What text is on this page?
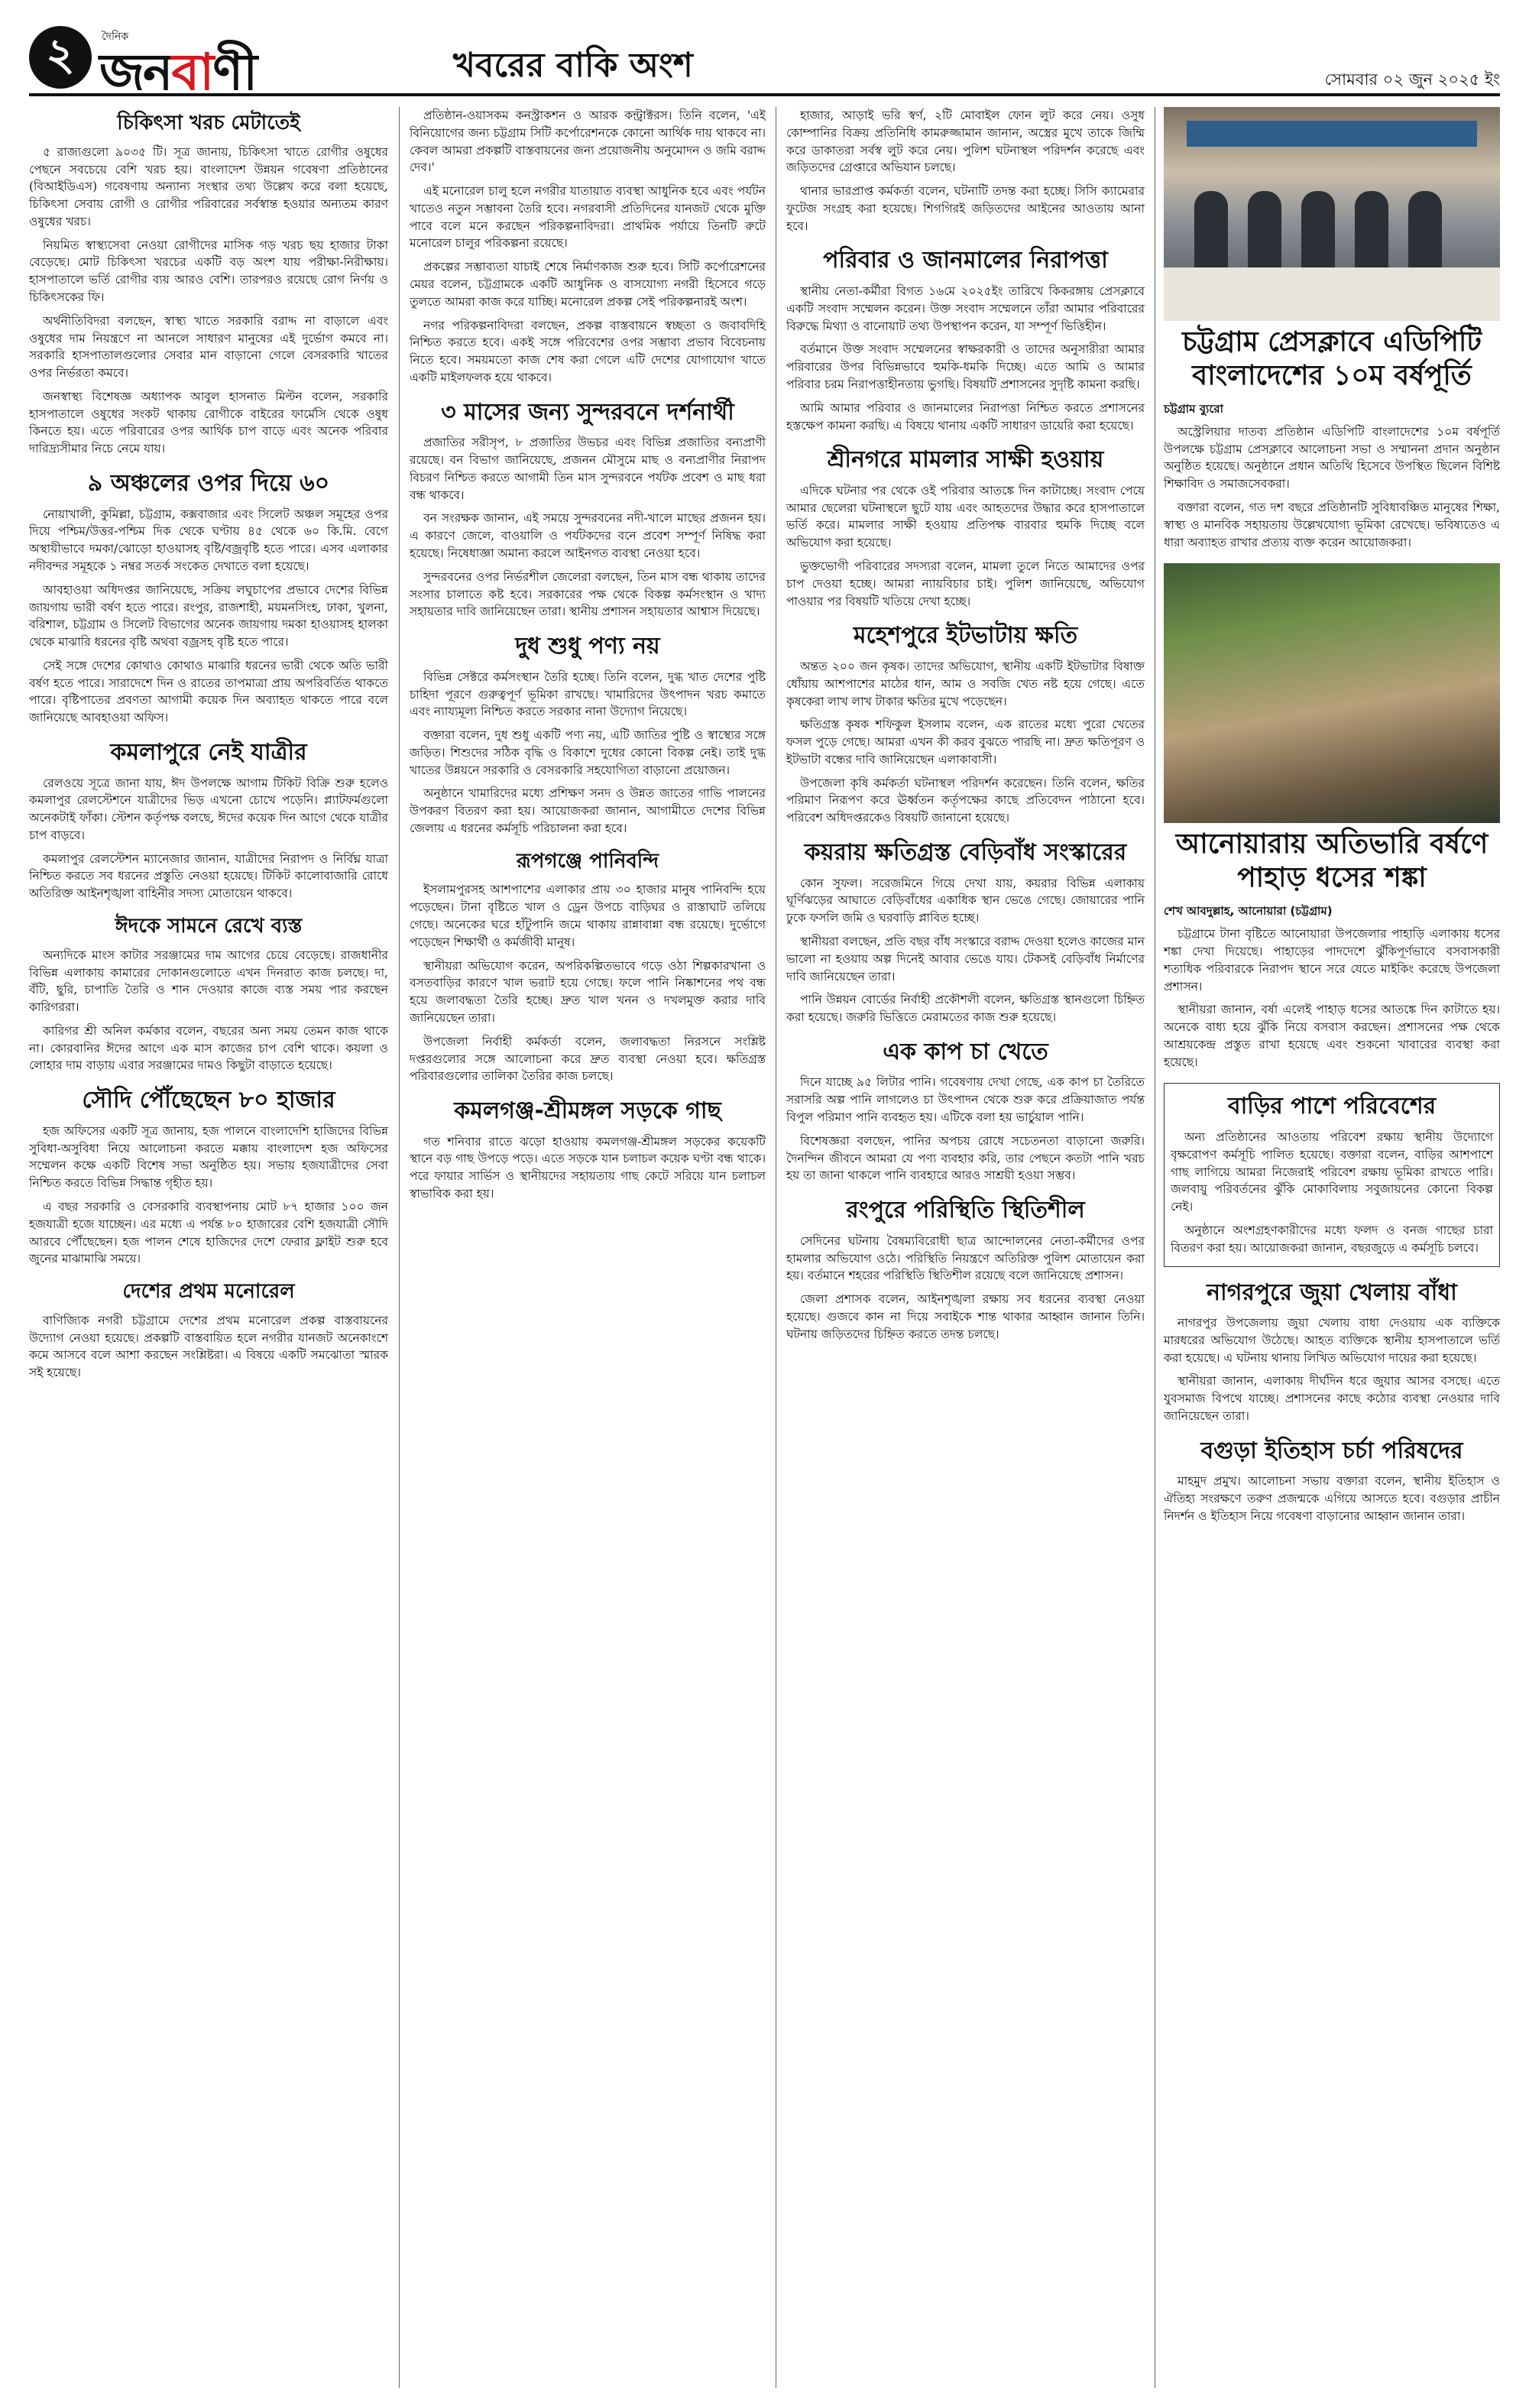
২	দৈনিক
জনবাণী	খবরের বাকি অংশ	সোমবার ০২ জুন ২০২৫ ইং
চিকিৎসা খরচ মেটাতেই

৫ রাজ্যগুলো ৯০৩৫ টি। সূত্র জানায়, চিকিৎসা খাতে রোগীর ওষুধের পেছনে সবচেয়ে বেশি খরচ হয়। বাংলাদেশ উন্নয়ন গবেষণা প্রতিষ্ঠানের (বিআইডিএস) গবেষণায় অন্যান্য সংস্থার তথ্য উল্লেখ করে বলা হয়েছে, চিকিৎসা সেবায় রোগী ও রোগীর পরিবারের সর্বস্বান্ত হওয়ার অন্যতম কারণ ওষুধের খরচ।

নিয়মিত স্বাস্থ্যসেবা নেওয়া রোগীদের মাসিক গড় খরচ ছয় হাজার টাকা বেড়েছে। মোট চিকিৎসা খরচের একটি বড় অংশ যায় পরীক্ষা-নিরীক্ষায়। হাসপাতালে ভর্তি রোগীর ব্যয় আরও বেশি। তারপরও রয়েছে রোগ নির্ণয় ও চিকিৎসকের ফি।

অর্থনীতিবিদরা বলছেন, স্বাস্থ্য খাতে সরকারি বরাদ্দ না বাড়ালে এবং ওষুধের দাম নিয়ন্ত্রণে না আনলে সাধারণ মানুষের এই দুর্ভোগ কমবে না। সরকারি হাসপাতালগুলোর সেবার মান বাড়ানো গেলে বেসরকারি খাতের ওপর নির্ভরতা কমবে।

জনস্বাস্থ্য বিশেষজ্ঞ অধ্যাপক আবুল হাসনাত মিল্টন বলেন, সরকারি হাসপাতালে ওষুধের সংকট থাকায় রোগীকে বাইরের ফার্মেসি থেকে ওষুধ কিনতে হয়। এতে পরিবারের ওপর আর্থিক চাপ বাড়ে এবং অনেক পরিবার দারিদ্র্যসীমার নিচে নেমে যায়।

৯ অঞ্চলের ওপর দিয়ে ৬০

নোয়াখালী, কুমিল্লা, চট্টগ্রাম, কক্সবাজার এবং সিলেট অঞ্চল সমূহের ওপর দিয়ে পশ্চিম/উত্তর-পশ্চিম দিক থেকে ঘণ্টায় ৪৫ থেকে ৬০ কি.মি. বেগে অস্থায়ীভাবে দমকা/ঝোড়ো হাওয়াসহ বৃষ্টি/বজ্রবৃষ্টি হতে পারে। এসব এলাকার নদীবন্দর সমূহকে ১ নম্বর সতর্ক সংকেত দেখাতে বলা হয়েছে।

আবহাওয়া অধিদপ্তর জানিয়েছে, সক্রিয় লঘুচাপের প্রভাবে দেশের বিভিন্ন জায়গায় ভারী বর্ষণ হতে পারে। রংপুর, রাজশাহী, ময়মনসিংহ, ঢাকা, খুলনা, বরিশাল, চট্টগ্রাম ও সিলেট বিভাগের অনেক জায়গায় দমকা হাওয়াসহ হালকা থেকে মাঝারি ধরনের বৃষ্টি অথবা বজ্রসহ বৃষ্টি হতে পারে।

সেই সঙ্গে দেশের কোথাও কোথাও মাঝারি ধরনের ভারী থেকে অতি ভারী বর্ষণ হতে পারে। সারাদেশে দিন ও রাতের তাপমাত্রা প্রায় অপরিবর্তিত থাকতে পারে। বৃষ্টিপাতের প্রবণতা আগামী কয়েক দিন অব্যাহত থাকতে পারে বলে জানিয়েছে আবহাওয়া অফিস।

কমলাপুরে নেই যাত্রীর

রেলওয়ে সূত্রে জানা যায়, ঈদ উপলক্ষে আগাম টিকিট বিক্রি শুরু হলেও কমলাপুর রেলস্টেশনে যাত্রীদের ভিড় এখনো চোখে পড়েনি। প্ল্যাটফর্মগুলো অনেকটাই ফাঁকা। স্টেশন কর্তৃপক্ষ বলছে, ঈদের কয়েক দিন আগে থেকে যাত্রীর চাপ বাড়বে।

কমলাপুর রেলস্টেশন ম্যানেজার জানান, যাত্রীদের নিরাপদ ও নির্বিঘ্ন যাত্রা নিশ্চিত করতে সব ধরনের প্রস্তুতি নেওয়া হয়েছে। টিকিট কালোবাজারি রোধে অতিরিক্ত আইনশৃঙ্খলা বাহিনীর সদস্য মোতায়েন থাকবে।

ঈদকে সামনে রেখে ব্যস্ত

অন্যদিকে মাংস কাটার সরঞ্জামের দাম আগের চেয়ে বেড়েছে। রাজধানীর বিভিন্ন এলাকায় কামারের দোকানগুলোতে এখন দিনরাত কাজ চলছে। দা, বঁটি, ছুরি, চাপাতি তৈরি ও শান দেওয়ার কাজে ব্যস্ত সময় পার করছেন কারিগররা।

কারিগর শ্রী অনিল কর্মকার বলেন, বছরের অন্য সময় তেমন কাজ থাকে না। কোরবানির ঈদের আগে এক মাস কাজের চাপ বেশি থাকে। কয়লা ও লোহার দাম বাড়ায় এবার সরঞ্জামের দামও কিছুটা বাড়াতে হয়েছে।

সৌদি পৌঁছেছেন ৮০ হাজার

হজ অফিসের একটি সূত্র জানায়, হজ পালনে বাংলাদেশি হাজিদের বিভিন্ন সুবিধা-অসুবিধা নিয়ে আলোচনা করতে মক্কায় বাংলাদেশ হজ অফিসের সম্মেলন কক্ষে একটি বিশেষ সভা অনুষ্ঠিত হয়। সভায় হজযাত্রীদের সেবা নিশ্চিত করতে বিভিন্ন সিদ্ধান্ত গৃহীত হয়।

এ বছর সরকারি ও বেসরকারি ব্যবস্থাপনায় মোট ৮৭ হাজার ১০০ জন হজযাত্রী হজে যাচ্ছেন। এর মধ্যে এ পর্যন্ত ৮০ হাজারের বেশি হজযাত্রী সৌদি আরবে পৌঁছেছেন। হজ পালন শেষে হাজিদের দেশে ফেরার ফ্লাইট শুরু হবে জুনের মাঝামাঝি সময়ে।

দেশের প্রথম মনোরেল

বাণিজ্যিক নগরী চট্টগ্রামে দেশের প্রথম মনোরেল প্রকল্প বাস্তবায়নের উদ্যোগ নেওয়া হয়েছে। প্রকল্পটি বাস্তবায়িত হলে নগরীর যানজট অনেকাংশে কমে আসবে বলে আশা করছেন সংশ্লিষ্টরা। এ বিষয়ে একটি সমঝোতা স্মারক সই হয়েছে।

প্রতিষ্ঠান-ওয়াসকম কনস্ট্রাকশন ও আরক কন্ট্রাক্টরস। তিনি বলেন, 'এই বিনিয়োগের জন্য চট্টগ্রাম সিটি কর্পোরেশনকে কোনো আর্থিক দায় থাকবে না। কেবল আমরা প্রকল্পটি বাস্তবায়নের জন্য প্রয়োজনীয় অনুমোদন ও জমি বরাদ্দ দেব।'

এই মনোরেল চালু হলে নগরীর যাতায়াত ব্যবস্থা আধুনিক হবে এবং পর্যটন খাতেও নতুন সম্ভাবনা তৈরি হবে। নগরবাসী প্রতিদিনের যানজট থেকে মুক্তি পাবে বলে মনে করছেন পরিকল্পনাবিদরা। প্রাথমিক পর্যায়ে তিনটি রুটে মনোরেল চালুর পরিকল্পনা রয়েছে।

প্রকল্পের সম্ভাব্যতা যাচাই শেষে নির্মাণকাজ শুরু হবে। সিটি কর্পোরেশনের মেয়র বলেন, চট্টগ্রামকে একটি আধুনিক ও বাসযোগ্য নগরী হিসেবে গড়ে তুলতে আমরা কাজ করে যাচ্ছি। মনোরেল প্রকল্প সেই পরিকল্পনারই অংশ।

নগর পরিকল্পনাবিদরা বলছেন, প্রকল্প বাস্তবায়নে স্বচ্ছতা ও জবাবদিহি নিশ্চিত করতে হবে। একই সঙ্গে পরিবেশের ওপর সম্ভাব্য প্রভাব বিবেচনায় নিতে হবে। সময়মতো কাজ শেষ করা গেলে এটি দেশের যোগাযোগ খাতে একটি মাইলফলক হয়ে থাকবে।

৩ মাসের জন্য সুন্দরবনে দর্শনার্থী

প্রজাতির সরীসৃপ, ৮ প্রজাতির উভচর এবং বিভিন্ন প্রজাতির বন্যপ্রাণী রয়েছে। বন বিভাগ জানিয়েছে, প্রজনন মৌসুমে মাছ ও বন্যপ্রাণীর নিরাপদ বিচরণ নিশ্চিত করতে আগামী তিন মাস সুন্দরবনে পর্যটক প্রবেশ ও মাছ ধরা বন্ধ থাকবে।

বন সংরক্ষক জানান, এই সময়ে সুন্দরবনের নদী-খালে মাছের প্রজনন হয়। এ কারণে জেলে, বাওয়ালি ও পর্যটকদের বনে প্রবেশ সম্পূর্ণ নিষিদ্ধ করা হয়েছে। নিষেধাজ্ঞা অমান্য করলে আইনগত ব্যবস্থা নেওয়া হবে।

সুন্দরবনের ওপর নির্ভরশীল জেলেরা বলছেন, তিন মাস বন্ধ থাকায় তাদের সংসার চালাতে কষ্ট হবে। সরকারের পক্ষ থেকে বিকল্প কর্মসংস্থান ও খাদ্য সহায়তার দাবি জানিয়েছেন তারা। স্থানীয় প্রশাসন সহায়তার আশ্বাস দিয়েছে।

দুধ শুধু পণ্য নয়

বিভিন্ন সেক্টরে কর্মসংস্থান তৈরি হচ্ছে। তিনি বলেন, দুগ্ধ খাত দেশের পুষ্টি চাহিদা পূরণে গুরুত্বপূর্ণ ভূমিকা রাখছে। খামারিদের উৎপাদন খরচ কমাতে এবং ন্যায্যমূল্য নিশ্চিত করতে সরকার নানা উদ্যোগ নিয়েছে।

বক্তারা বলেন, দুধ শুধু একটি পণ্য নয়, এটি জাতির পুষ্টি ও স্বাস্থ্যের সঙ্গে জড়িত। শিশুদের সঠিক বৃদ্ধি ও বিকাশে দুধের কোনো বিকল্প নেই। তাই দুগ্ধ খাতের উন্নয়নে সরকারি ও বেসরকারি সহযোগিতা বাড়ানো প্রয়োজন।

অনুষ্ঠানে খামারিদের মধ্যে প্রশিক্ষণ সনদ ও উন্নত জাতের গাভি পালনের উপকরণ বিতরণ করা হয়। আয়োজকরা জানান, আগামীতে দেশের বিভিন্ন জেলায় এ ধরনের কর্মসূচি পরিচালনা করা হবে।

রূপগঞ্জে পানিবন্দি

ইসলামপুরসহ আশপাশের এলাকার প্রায় ৩০ হাজার মানুষ পানিবন্দি হয়ে পড়েছেন। টানা বৃষ্টিতে খাল ও ড্রেন উপচে বাড়িঘর ও রাস্তাঘাট তলিয়ে গেছে। অনেকের ঘরে হাঁটুপানি জমে থাকায় রান্নাবান্না বন্ধ রয়েছে। দুর্ভোগে পড়েছেন শিক্ষার্থী ও কর্মজীবী মানুষ।

স্থানীয়রা অভিযোগ করেন, অপরিকল্পিতভাবে গড়ে ওঠা শিল্পকারখানা ও বসতবাড়ির কারণে খাল ভরাট হয়ে গেছে। ফলে পানি নিষ্কাশনের পথ বন্ধ হয়ে জলাবদ্ধতা তৈরি হচ্ছে। দ্রুত খাল খনন ও দখলমুক্ত করার দাবি জানিয়েছেন তারা।

উপজেলা নির্বাহী কর্মকর্তা বলেন, জলাবদ্ধতা নিরসনে সংশ্লিষ্ট দপ্তরগুলোর সঙ্গে আলোচনা করে দ্রুত ব্যবস্থা নেওয়া হবে। ক্ষতিগ্রস্ত পরিবারগুলোর তালিকা তৈরির কাজ চলছে।

কমলগঞ্জ-শ্রীমঙ্গল সড়কে গাছ

গত শনিবার রাতে ঝড়ো হাওয়ায় কমলগঞ্জ-শ্রীমঙ্গল সড়কের কয়েকটি স্থানে বড় গাছ উপড়ে পড়ে। এতে সড়কে যান চলাচল কয়েক ঘণ্টা বন্ধ থাকে। পরে ফায়ার সার্ভিস ও স্থানীয়দের সহায়তায় গাছ কেটে সরিয়ে যান চলাচল স্বাভাবিক করা হয়।

হাজার, আড়াই ভরি স্বর্ণ, ২টি মোবাইল ফোন লুট করে নেয়। ওসুধ কোম্পানির বিক্রয় প্রতিনিধি কামরুজ্জামান জানান, অস্ত্রের মুখে তাকে জিম্মি করে ডাকাতরা সর্বস্ব লুট করে নেয়। পুলিশ ঘটনাস্থল পরিদর্শন করেছে এবং জড়িতদের গ্রেপ্তারে অভিযান চলছে।

থানার ভারপ্রাপ্ত কর্মকর্তা বলেন, ঘটনাটি তদন্ত করা হচ্ছে। সিসি ক্যামেরার ফুটেজ সংগ্রহ করা হয়েছে। শিগগিরই জড়িতদের আইনের আওতায় আনা হবে।

পরিবার ও জানমালের নিরাপত্তা

স্থানীয় নেতা-কর্মীরা বিগত ১৬মে ২০২৫ইং তারিখে কিকরঙ্গায় প্রেসক্লাবে একটি সংবাদ সম্মেলন করেন। উক্ত সংবাদ সম্মেলনে তাঁরা আমার পরিবারের বিরুদ্ধে মিথ্যা ও বানোয়াট তথ্য উপস্থাপন করেন, যা সম্পূর্ণ ভিত্তিহীন।

বর্তমানে উক্ত সংবাদ সম্মেলনের স্বাক্ষরকারী ও তাদের অনুসারীরা আমার পরিবারের উপর বিভিন্নভাবে হুমকি-ধমকি দিচ্ছে। এতে আমি ও আমার পরিবার চরম নিরাপত্তাহীনতায় ভুগছি। বিষয়টি প্রশাসনের সুদৃষ্টি কামনা করছি।

আমি আমার পরিবার ও জানমালের নিরাপত্তা নিশ্চিত করতে প্রশাসনের হস্তক্ষেপ কামনা করছি। এ বিষয়ে থানায় একটি সাধারণ ডায়েরি করা হয়েছে।

শ্রীনগরে মামলার সাক্ষী হওয়ায়

এদিকে ঘটনার পর থেকে ওই পরিবার আতঙ্কে দিন কাটাচ্ছে। সংবাদ পেয়ে আমার ছেলেরা ঘটনাস্থলে ছুটে যায় এবং আহতদের উদ্ধার করে হাসপাতালে ভর্তি করে। মামলার সাক্ষী হওয়ায় প্রতিপক্ষ বারবার হুমকি দিচ্ছে বলে অভিযোগ করা হয়েছে।

ভুক্তভোগী পরিবারের সদস্যরা বলেন, মামলা তুলে নিতে আমাদের ওপর চাপ দেওয়া হচ্ছে। আমরা ন্যায়বিচার চাই। পুলিশ জানিয়েছে, অভিযোগ পাওয়ার পর বিষয়টি খতিয়ে দেখা হচ্ছে।

মহেশপুরে ইটভাটায় ক্ষতি

অন্তত ২০০ জন কৃষক। তাদের অভিযোগ, স্থানীয় একটি ইটভাটার বিষাক্ত ধোঁয়ায় আশপাশের মাঠের ধান, আম ও সবজি খেত নষ্ট হয়ে গেছে। এতে কৃষকেরা লাখ লাখ টাকার ক্ষতির মুখে পড়েছেন।

ক্ষতিগ্রস্ত কৃষক শফিকুল ইসলাম বলেন, এক রাতের মধ্যে পুরো খেতের ফসল পুড়ে গেছে। আমরা এখন কী করব বুঝতে পারছি না। দ্রুত ক্ষতিপূরণ ও ইটভাটা বন্ধের দাবি জানিয়েছেন এলাকাবাসী।

উপজেলা কৃষি কর্মকর্তা ঘটনাস্থল পরিদর্শন করেছেন। তিনি বলেন, ক্ষতির পরিমাণ নিরূপণ করে ঊর্ধ্বতন কর্তৃপক্ষের কাছে প্রতিবেদন পাঠানো হবে। পরিবেশ অধিদপ্তরকেও বিষয়টি জানানো হয়েছে।

কয়রায় ক্ষতিগ্রস্ত বেড়িবাঁধ সংস্কারের

কোন সুফল। সরেজমিনে গিয়ে দেখা যায়, কয়রার বিভিন্ন এলাকায় ঘূর্ণিঝড়ের আঘাতে বেড়িবাঁধের একাধিক স্থান ভেঙে গেছে। জোয়ারের পানি ঢুকে ফসলি জমি ও ঘরবাড়ি প্লাবিত হচ্ছে।

স্থানীয়রা বলছেন, প্রতি বছর বাঁধ সংস্কারে বরাদ্দ দেওয়া হলেও কাজের মান ভালো না হওয়ায় অল্প দিনেই আবার ভেঙে যায়। টেকসই বেড়িবাঁধ নির্মাণের দাবি জানিয়েছেন তারা।

পানি উন্নয়ন বোর্ডের নির্বাহী প্রকৌশলী বলেন, ক্ষতিগ্রস্ত স্থানগুলো চিহ্নিত করা হয়েছে। জরুরি ভিত্তিতে মেরামতের কাজ শুরু হয়েছে।

এক কাপ চা খেতে

দিনে যাচ্ছে ৯৫ লিটার পানি। গবেষণায় দেখা গেছে, এক কাপ চা তৈরিতে সরাসরি অল্প পানি লাগলেও চা উৎপাদন থেকে শুরু করে প্রক্রিয়াজাত পর্যন্ত বিপুল পরিমাণ পানি ব্যবহৃত হয়। এটিকে বলা হয় ভার্চুয়াল পানি।

বিশেষজ্ঞরা বলছেন, পানির অপচয় রোধে সচেতনতা বাড়ানো জরুরি। দৈনন্দিন জীবনে আমরা যে পণ্য ব্যবহার করি, তার পেছনে কতটা পানি খরচ হয় তা জানা থাকলে পানি ব্যবহারে আরও সাশ্রয়ী হওয়া সম্ভব।

রংপুরে পরিস্থিতি স্থিতিশীল

সেদিনের ঘটনায় বৈষম্যবিরোধী ছাত্র আন্দোলনের নেতা-কর্মীদের ওপর হামলার অভিযোগ ওঠে। পরিস্থিতি নিয়ন্ত্রণে অতিরিক্ত পুলিশ মোতায়েন করা হয়। বর্তমানে শহরের পরিস্থিতি স্থিতিশীল রয়েছে বলে জানিয়েছে প্রশাসন।

জেলা প্রশাসক বলেন, আইনশৃঙ্খলা রক্ষায় সব ধরনের ব্যবস্থা নেওয়া হয়েছে। গুজবে কান না দিয়ে সবাইকে শান্ত থাকার আহ্বান জানান তিনি। ঘটনায় জড়িতদের চিহ্নিত করতে তদন্ত চলছে।

চট্টগ্রাম প্রেসক্লাবে এডিপিটি বাংলাদেশের ১০ম বর্ষপূর্তি
চট্টগ্রাম ব্যুরো

অস্ট্রেলিয়ার দাতব্য প্রতিষ্ঠান এডিপিটি বাংলাদেশের ১০ম বর্ষপূর্তি উপলক্ষে চট্টগ্রাম প্রেসক্লাবে আলোচনা সভা ও সম্মাননা প্রদান অনুষ্ঠান অনুষ্ঠিত হয়েছে। অনুষ্ঠানে প্রধান অতিথি হিসেবে উপস্থিত ছিলেন বিশিষ্ট শিক্ষাবিদ ও সমাজসেবকরা।

বক্তারা বলেন, গত দশ বছরে প্রতিষ্ঠানটি সুবিধাবঞ্চিত মানুষের শিক্ষা, স্বাস্থ্য ও মানবিক সহায়তায় উল্লেখযোগ্য ভূমিকা রেখেছে। ভবিষ্যতেও এ ধারা অব্যাহত রাখার প্রত্যয় ব্যক্ত করেন আয়োজকরা।

আনোয়ারায় অতিভারি বর্ষণে পাহাড় ধসের শঙ্কা
শেখ আবদুল্লাহ, আনোয়ারা (চট্টগ্রাম)

চট্টগ্রামে টানা বৃষ্টিতে আনোয়ারা উপজেলার পাহাড়ি এলাকায় ধসের শঙ্কা দেখা দিয়েছে। পাহাড়ের পাদদেশে ঝুঁকিপূর্ণভাবে বসবাসকারী শতাধিক পরিবারকে নিরাপদ স্থানে সরে যেতে মাইকিং করেছে উপজেলা প্রশাসন।

স্থানীয়রা জানান, বর্ষা এলেই পাহাড় ধসের আতঙ্কে দিন কাটাতে হয়। অনেকে বাধ্য হয়ে ঝুঁকি নিয়ে বসবাস করছেন। প্রশাসনের পক্ষ থেকে আশ্রয়কেন্দ্র প্রস্তুত রাখা হয়েছে এবং শুকনো খাবারের ব্যবস্থা করা হয়েছে।

বাড়ির পাশে পরিবেশের

অন্য প্রতিষ্ঠানের আওতায় পরিবেশ রক্ষায় স্থানীয় উদ্যোগে বৃক্ষরোপণ কর্মসূচি পালিত হয়েছে। বক্তারা বলেন, বাড়ির আশপাশে গাছ লাগিয়ে আমরা নিজেরাই পরিবেশ রক্ষায় ভূমিকা রাখতে পারি। জলবায়ু পরিবর্তনের ঝুঁকি মোকাবিলায় সবুজায়নের কোনো বিকল্প নেই।

অনুষ্ঠানে অংশগ্রহণকারীদের মধ্যে ফলদ ও বনজ গাছের চারা বিতরণ করা হয়। আয়োজকরা জানান, বছরজুড়ে এ কর্মসূচি চলবে।

নাগরপুরে জুয়া খেলায় বাঁধা

নাগরপুর উপজেলায় জুয়া খেলায় বাধা দেওয়ায় এক ব্যক্তিকে মারধরের অভিযোগ উঠেছে। আহত ব্যক্তিকে স্থানীয় হাসপাতালে ভর্তি করা হয়েছে। এ ঘটনায় থানায় লিখিত অভিযোগ দায়ের করা হয়েছে।

স্থানীয়রা জানান, এলাকায় দীর্ঘদিন ধরে জুয়ার আসর বসছে। এতে যুবসমাজ বিপথে যাচ্ছে। প্রশাসনের কাছে কঠোর ব্যবস্থা নেওয়ার দাবি জানিয়েছেন তারা।

বগুড়া ইতিহাস চর্চা পরিষদের

মাহমুদ প্রমুখ। আলোচনা সভায় বক্তারা বলেন, স্থানীয় ইতিহাস ও ঐতিহ্য সংরক্ষণে তরুণ প্রজন্মকে এগিয়ে আসতে হবে। বগুড়ার প্রাচীন নিদর্শন ও ইতিহাস নিয়ে গবেষণা বাড়ানোর আহ্বান জানান তারা।
